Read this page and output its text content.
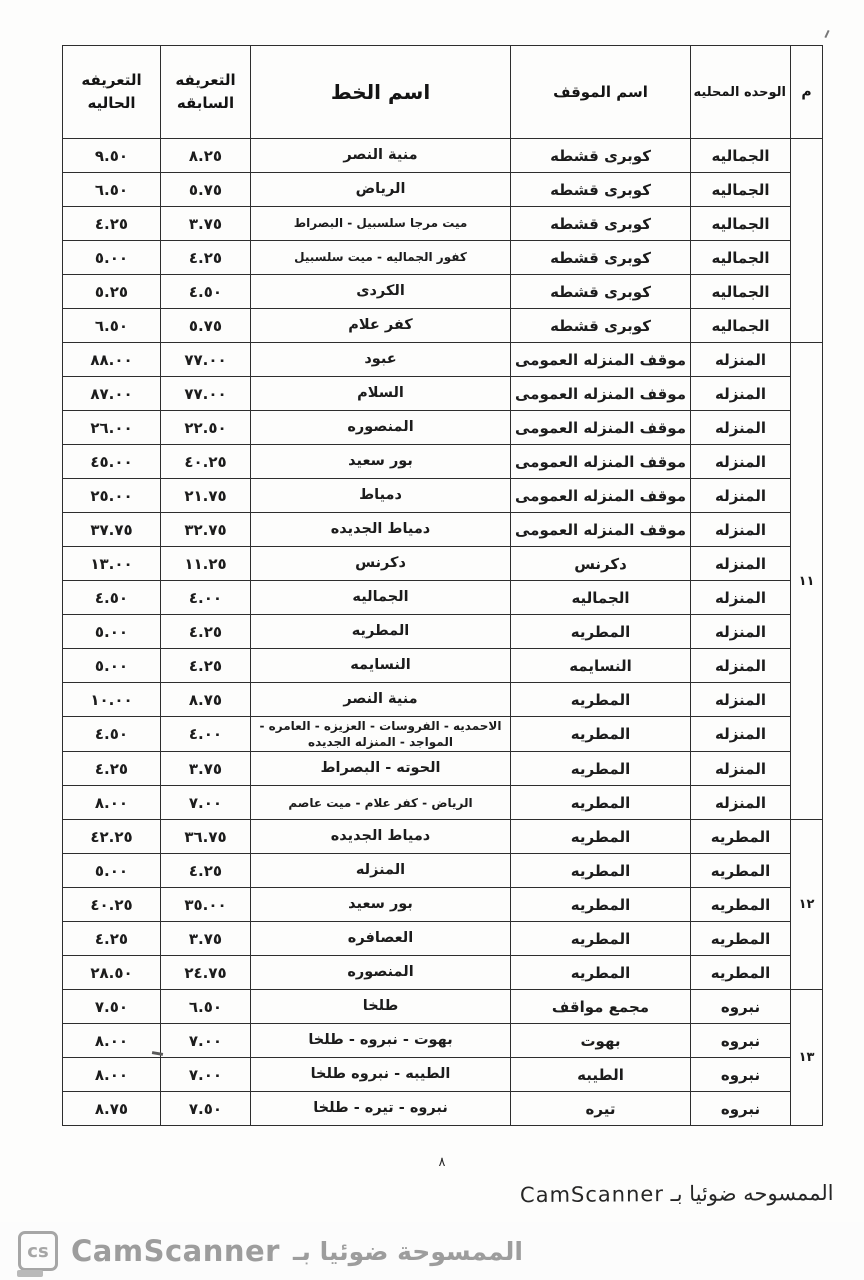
م	الوحده المحليه	اسم الموقف	اسم الخط	التعريفه السابقه	التعريفه الحاليه
	الجماليه	كوبرى قشطه	منية النصر	٨.٢٥	٩.٥٠
	الجماليه	كوبرى قشطه	الرياض	٥.٧٥	٦.٥٠
	الجماليه	كوبرى قشطه	ميت مرجا سلسبيل - البصراط	٣.٧٥	٤.٢٥
	الجماليه	كوبرى قشطه	كفور الجماليه - ميت سلسبيل	٤.٢٥	٥.٠٠
	الجماليه	كوبرى قشطه	الكردى	٤.٥٠	٥.٢٥
	الجماليه	كوبرى قشطه	كفر علام	٥.٧٥	٦.٥٠
١١	المنزله	موقف المنزله العمومى	عبود	٧٧.٠٠	٨٨.٠٠
	المنزله	موقف المنزله العمومى	السلام	٧٧.٠٠	٨٧.٠٠
	المنزله	موقف المنزله العمومى	المنصوره	٢٢.٥٠	٢٦.٠٠
	المنزله	موقف المنزله العمومى	بور سعيد	٤٠.٢٥	٤٥.٠٠
	المنزله	موقف المنزله العمومى	دمياط	٢١.٧٥	٢٥.٠٠
	المنزله	موقف المنزله العمومى	دمياط الجديده	٣٢.٧٥	٣٧.٧٥
	المنزله	دكرنس	دكرنس	١١.٢٥	١٣.٠٠
	المنزله	الجماليه	الجماليه	٤.٠٠	٤.٥٠
	المنزله	المطريه	المطريه	٤.٢٥	٥.٠٠
	المنزله	النسايمه	النسايمه	٤.٢٥	٥.٠٠
	المنزله	المطريه	منية النصر	٨.٧٥	١٠.٠٠
	المنزله	المطريه	الاحمديه - الفروسات - العزيزه - العامره - المواجد - المنزله الجديده	٤.٠٠	٤.٥٠
	المنزله	المطريه	الحوته - البصراط	٣.٧٥	٤.٢٥
	المنزله	المطريه	الرياض - كفر علام - ميت عاصم	٧.٠٠	٨.٠٠
١٢	المطريه	المطريه	دمياط الجديده	٣٦.٧٥	٤٢.٢٥
	المطريه	المطريه	المنزله	٤.٢٥	٥.٠٠
	المطريه	المطريه	بور سعيد	٣٥.٠٠	٤٠.٢٥
	المطريه	المطريه	العصافره	٣.٧٥	٤.٢٥
	المطريه	المطريه	المنصوره	٢٤.٧٥	٢٨.٥٠
١٣	نبروه	مجمع مواقف	طلخا	٦.٥٠	٧.٥٠
	نبروه	بهوت	بهوت - نبروه - طلخا	٧.٠٠	٨.٠٠
	نبروه	الطيبه	الطيبه - نبروه طلخا	٧.٠٠	٨.٠٠
	نبروه	تيره	نبروه - تيره - طلخا	٧.٥٠	٨.٧٥
٨
الممسوحه ضوئيا بـ CamScanner
cs CamScanner الممسوحة ضوئيا بـ
